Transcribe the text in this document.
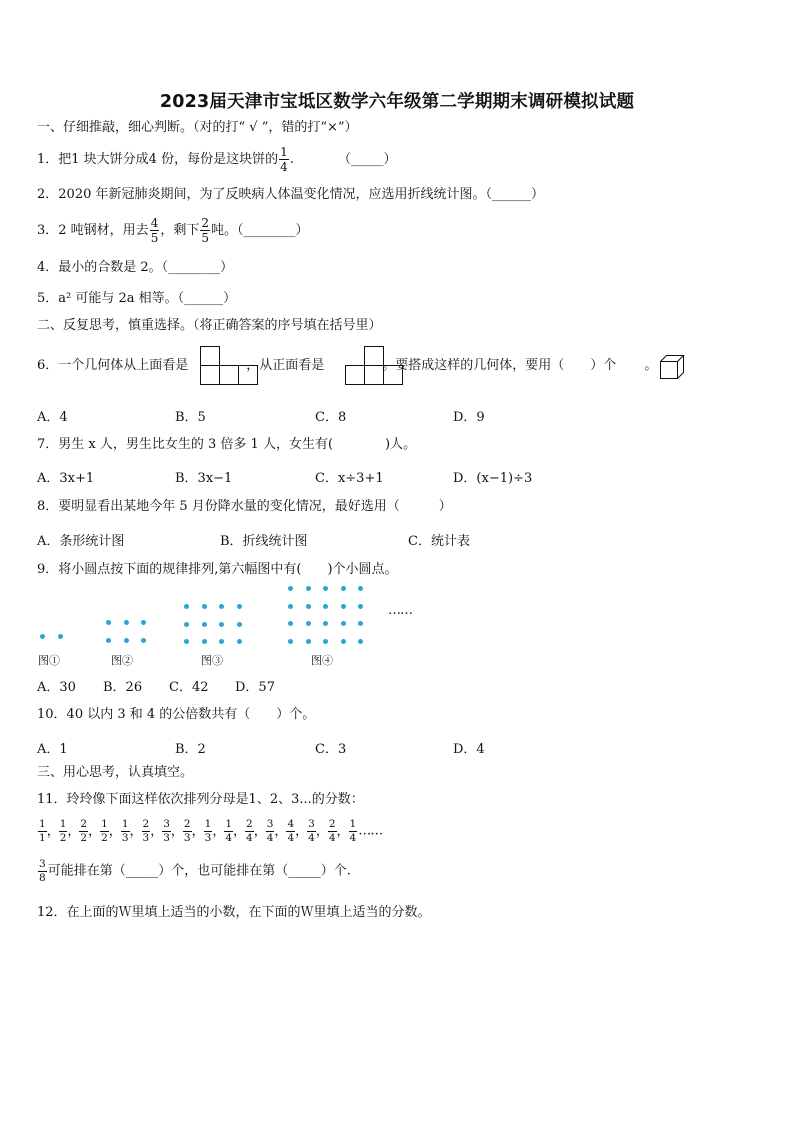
2023届天津市宝坻区数学六年级第二学期期末调研模拟试题
一、仔细推敲，细心判断。（对的打“ √ ”，错的打“×”）
1．把1 块大饼分成4 份，每份是这块饼的 $\frac{1}{4}$ .	（_____）
2．2020 年新冠肺炎期间，为了反映病人体温变化情况，应选用折线统计图。（______）
3．2 吨钢材，用去 $\frac{4}{5}$ ，剩下 $\frac{2}{5}$ 吨。（________）
4．最小的合数是 2。（________）
5．a² 可能与 2a 相等。（______）
二、反复思考，慎重选择。（将正确答案的序号填在括号里）
6．一个几何体从上面看是	，从正面看是	。要搭成这样的几何体，要用（　　）个 。
A．4	B．5	C．8	D．9
7．男生 x 人，男生比女生的 3 倍多 1 人，女生有(　　　　)人。
A．3x+1	B．3x−1	C．x÷3+1	D．(x−1)÷3
8．要明显看出某地今年 5 月份降水量的变化情况，最好选用（　　　）
A．条形统计图	B．折线统计图	C．统计表
9．将小圆点按下面的规律排列,第六幅图中有(　　)个小圆点。
……
图①	图②	图③	图④
A．30 B．26 C．42 D．57
10．40 以内 3 和 4 的公倍数共有（　　）个。
A．1	B．2	C．3	D．4
三、用心思考，认真填空。
11．玲玲像下面这样依次排列分母是1、2、3...的分数：
$\frac{1}{1}$ ， $\frac{1}{2}$ ， $\frac{2}{2}$ ， $\frac{1}{2}$ ， $\frac{1}{3}$ ， $\frac{2}{3}$ ， $\frac{3}{3}$ ， $\frac{2}{3}$ ， $\frac{1}{3}$ ， $\frac{1}{4}$ ， $\frac{2}{4}$ ， $\frac{3}{4}$ ， $\frac{4}{4}$ ， $\frac{3}{4}$ ， $\frac{2}{4}$ ， $\frac{1}{4}$ ……
$\frac{3}{8}$ 可能排在第（_____）个，也可能排在第（_____）个.
12．在上面的Ｗ里填上适当的小数，在下面的Ｗ里填上适当的分数。
